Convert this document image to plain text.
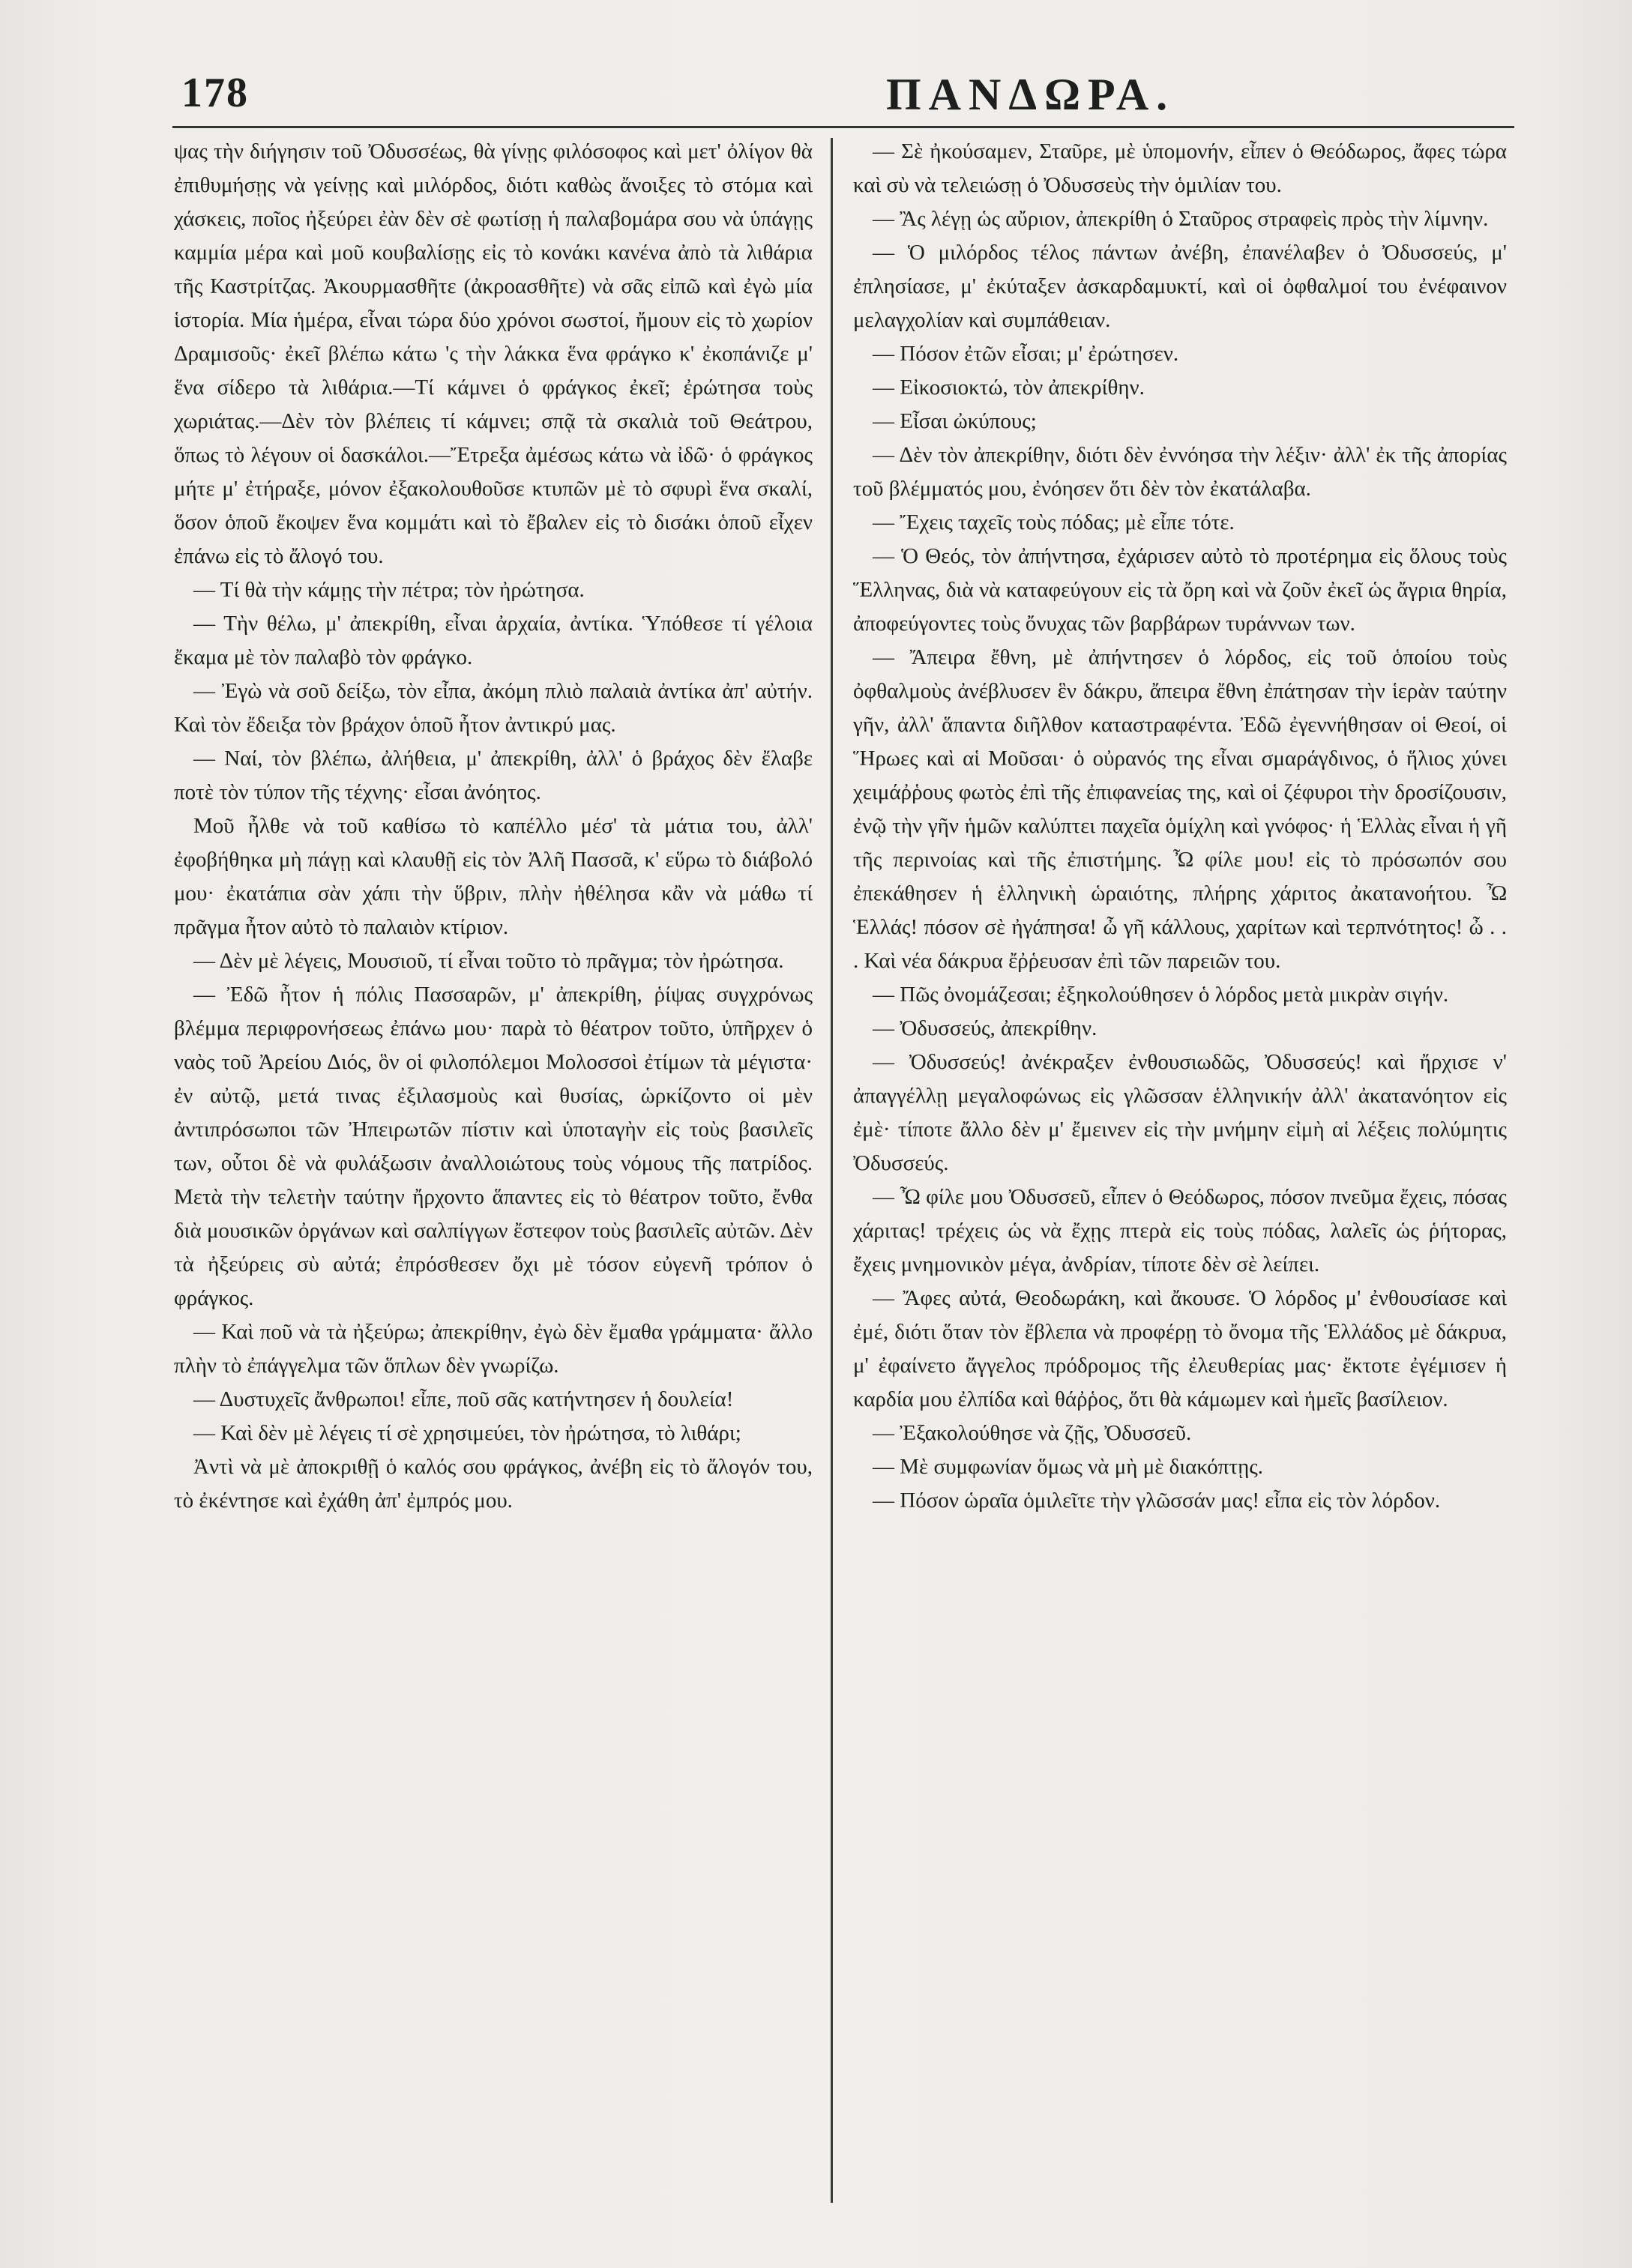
178	ΠΑΝΔΩΡΑ.

ψας τὴν διήγησιν τοῦ Ὀδυσσέως, θὰ γίνῃς φιλόσοφος καὶ μετ' ὀλίγον θὰ ἐπιθυμήσῃς νὰ γείνῃς καὶ μιλόρδος, διότι καθὼς ἄνοιξες τὸ στόμα καὶ χάσκεις, ποῖος ἠξεύρει ἐὰν δὲν σὲ φωτίσῃ ἡ παλαβομάρα σου νὰ ὑπάγῃς καμμία μέρα καὶ μοῦ κουβαλίσῃς εἰς τὸ κονάκι κανένα ἀπὸ τὰ λιθάρια τῆς Καστρίτζας. Ἀκουρμασθῆτε (ἀκροασθῆτε) νὰ σᾶς εἰπῶ καὶ ἐγὼ μία ἱστορία. Μία ἡμέρα, εἶναι τώρα δύο χρόνοι σωστοί, ἤμουν εἰς τὸ χωρίον Δραμισοῦς· ἐκεῖ βλέπω κάτω 'ς τὴν λάκκα ἕνα φράγκο κ' ἐκοπάνιζε μ' ἕνα σίδερο τὰ λιθάρια.—Τί κάμνει ὁ φράγκος ἐκεῖ; ἐρώτησα τοὺς χωριάτας.—Δὲν τὸν βλέπεις τί κάμνει; σπᾷ τὰ σκαλιὰ τοῦ Θεάτρου, ὅπως τὸ λέγουν οἱ δασκάλοι.—Ἔτρεξα ἀμέσως κάτω νὰ ἰδῶ· ὁ φράγκος μήτε μ' ἐτήραξε, μόνον ἐξακολουθοῦσε κτυπῶν μὲ τὸ σφυρὶ ἕνα σκαλί, ὅσον ὁποῦ ἔκοψεν ἕνα κομμάτι καὶ τὸ ἔβαλεν εἰς τὸ δισάκι ὁποῦ εἶχεν ἐπάνω εἰς τὸ ἄλογό του.

— Τί θὰ τὴν κάμῃς τὴν πέτρα; τὸν ἠρώτησα.

— Τὴν θέλω, μ' ἀπεκρίθη, εἶναι ἀρχαία, ἀντίκα. Ὑπόθεσε τί γέλοια ἔκαμα μὲ τὸν παλαβὸ τὸν φράγκο.

— Ἐγὼ νὰ σοῦ δείξω, τὸν εἶπα, ἀκόμη πλιὸ παλαιὰ ἀντίκα ἀπ' αὐτήν. Καὶ τὸν ἔδειξα τὸν βράχον ὁποῦ ἦτον ἀντικρύ μας.

— Ναί, τὸν βλέπω, ἀλήθεια, μ' ἀπεκρίθη, ἀλλ' ὁ βράχος δὲν ἔλαβε ποτὲ τὸν τύπον τῆς τέχνης· εἶσαι ἀνόητος.

Μοῦ ἦλθε νὰ τοῦ καθίσω τὸ καπέλλο μέσ' τὰ μάτια του, ἀλλ' ἐφοβήθηκα μὴ πάγῃ καὶ κλαυθῇ εἰς τὸν Ἀλῆ Πασσᾶ, κ' εὕρω τὸ διάβολό μου· ἐκατάπια σὰν χάπι τὴν ὕβριν, πλὴν ἠθέλησα κἂν νὰ μάθω τί πρᾶγμα ἦτον αὐτὸ τὸ παλαιὸν κτίριον.

— Δὲν μὲ λέγεις, Μουσιοῦ, τί εἶναι τοῦτο τὸ πρᾶγμα; τὸν ἠρώτησα.

— Ἐδῶ ἦτον ἡ πόλις Πασσαρῶν, μ' ἀπεκρίθη, ῥίψας συγχρόνως βλέμμα περιφρονήσεως ἐπάνω μου· παρὰ τὸ θέατρον τοῦτο, ὑπῆρχεν ὁ ναὸς τοῦ Ἀρείου Διός, ὃν οἱ φιλοπόλεμοι Μολοσσοὶ ἐτίμων τὰ μέγιστα· ἐν αὐτῷ, μετά τινας ἐξιλασμοὺς καὶ θυσίας, ὡρκίζοντο οἱ μὲν ἀντιπρόσωποι τῶν Ἠπειρωτῶν πίστιν καὶ ὑποταγὴν εἰς τοὺς βασιλεῖς των, οὗτοι δὲ νὰ φυλάξωσιν ἀναλλοιώτους τοὺς νόμους τῆς πατρίδος. Μετὰ τὴν τελετὴν ταύτην ἤρχοντο ἅπαντες εἰς τὸ θέατρον τοῦτο, ἔνθα διὰ μουσικῶν ὀργάνων καὶ σαλπίγγων ἔστεφον τοὺς βασιλεῖς αὐτῶν. Δὲν τὰ ἠξεύρεις σὺ αὐτά; ἐπρόσθεσεν ὄχι μὲ τόσον εὐγενῆ τρόπον ὁ φράγκος.

— Καὶ ποῦ νὰ τὰ ἠξεύρω; ἀπεκρίθην, ἐγὼ δὲν ἔμαθα γράμματα· ἄλλο πλὴν τὸ ἐπάγγελμα τῶν ὅπλων δὲν γνωρίζω.

— Δυστυχεῖς ἄνθρωποι! εἶπε, ποῦ σᾶς κατήντησεν ἡ δουλεία!

— Καὶ δὲν μὲ λέγεις τί σὲ χρησιμεύει, τὸν ἠρώτησα, τὸ λιθάρι;

Ἀντὶ νὰ μὲ ἀποκριθῇ ὁ καλός σου φράγκος, ἀνέβη εἰς τὸ ἄλογόν του, τὸ ἐκέντησε καὶ ἐχάθη ἀπ' ἐμπρός μου.

— Σὲ ἠκούσαμεν, Σταῦρε, μὲ ὑπομονήν, εἶπεν ὁ Θεόδωρος, ἄφες τώρα καὶ σὺ νὰ τελειώσῃ ὁ Ὀδυσσεὺς τὴν ὁμιλίαν του.

— Ἂς λέγῃ ὡς αὔριον, ἀπεκρίθη ὁ Σταῦρος στραφεὶς πρὸς τὴν λίμνην.

— Ὁ μιλόρδος τέλος πάντων ἀνέβη, ἐπανέλαβεν ὁ Ὀδυσσεύς, μ' ἐπλησίασε, μ' ἐκύταξεν ἀσκαρδαμυκτί, καὶ οἱ ὀφθαλμοί του ἐνέφαινον μελαγχολίαν καὶ συμπάθειαν.

— Πόσον ἐτῶν εἶσαι; μ' ἐρώτησεν.

— Εἰκοσιοκτώ, τὸν ἀπεκρίθην.

— Εἶσαι ὠκύπους;

— Δὲν τὸν ἀπεκρίθην, διότι δὲν ἐννόησα τὴν λέξιν· ἀλλ' ἐκ τῆς ἀπορίας τοῦ βλέμματός μου, ἐνόησεν ὅτι δὲν τὸν ἐκατάλαβα.

— Ἔχεις ταχεῖς τοὺς πόδας; μὲ εἶπε τότε.

— Ὁ Θεός, τὸν ἀπήντησα, ἐχάρισεν αὐτὸ τὸ προτέρημα εἰς ὅλους τοὺς Ἕλληνας, διὰ νὰ καταφεύγουν εἰς τὰ ὄρη καὶ νὰ ζοῦν ἐκεῖ ὡς ἄγρια θηρία, ἀποφεύγοντες τοὺς ὄνυχας τῶν βαρβάρων τυράννων των.

— Ἄπειρα ἔθνη, μὲ ἀπήντησεν ὁ λόρδος, εἰς τοῦ ὁποίου τοὺς ὀφθαλμοὺς ἀνέβλυσεν ἓν δάκρυ, ἄπειρα ἔθνη ἐπάτησαν τὴν ἱερὰν ταύτην γῆν, ἀλλ' ἅπαντα διῆλθον καταστραφέντα. Ἐδῶ ἐγεννήθησαν οἱ Θεοί, οἱ Ἥρωες καὶ αἱ Μοῦσαι· ὁ οὐρανός της εἶναι σμαράγδινος, ὁ ἥλιος χύνει χειμάῤῥους φωτὸς ἐπὶ τῆς ἐπιφανείας της, καὶ οἱ ζέφυροι τὴν δροσίζουσιν, ἐνῷ τὴν γῆν ἡμῶν καλύπτει παχεῖα ὁμίχλη καὶ γνόφος· ἡ Ἑλλὰς εἶναι ἡ γῆ τῆς περινοίας καὶ τῆς ἐπιστήμης. Ὦ φίλε μου! εἰς τὸ πρόσωπόν σου ἐπεκάθησεν ἡ ἑλληνικὴ ὡραιότης, πλήρης χάριτος ἀκατανοήτου. Ὦ Ἑλλάς! πόσον σὲ ἠγάπησα! ὦ γῆ κάλλους, χαρίτων καὶ τερπνότητος! ὦ . . . Καὶ νέα δάκρυα ἔῤῥευσαν ἐπὶ τῶν παρειῶν του.

— Πῶς ὀνομάζεσαι; ἐξηκολούθησεν ὁ λόρδος μετὰ μικρὰν σιγήν.

— Ὀδυσσεύς, ἀπεκρίθην.

— Ὀδυσσεύς! ἀνέκραξεν ἐνθουσιωδῶς, Ὀδυσσεύς! καὶ ἤρχισε ν' ἀπαγγέλλῃ μεγαλοφώνως εἰς γλῶσσαν ἑλληνικήν ἀλλ' ἀκατανόητον εἰς ἐμὲ· τίποτε ἄλλο δὲν μ' ἔμεινεν εἰς τὴν μνήμην εἰμὴ αἱ λέξεις πολύμητις Ὀδυσσεύς.

— Ὦ φίλε μου Ὀδυσσεῦ, εἶπεν ὁ Θεόδωρος, πόσον πνεῦμα ἔχεις, πόσας χάριτας! τρέχεις ὡς νὰ ἔχῃς πτερὰ εἰς τοὺς πόδας, λαλεῖς ὡς ῥήτορας, ἔχεις μνημονικὸν μέγα, ἀνδρίαν, τίποτε δὲν σὲ λείπει.

— Ἄφες αὐτά, Θεοδωράκη, καὶ ἄκουσε. Ὁ λόρδος μ' ἐνθουσίασε καὶ ἐμέ, διότι ὅταν τὸν ἔβλεπα νὰ προφέρῃ τὸ ὄνομα τῆς Ἑλλάδος μὲ δάκρυα, μ' ἐφαίνετο ἄγγελος πρόδρομος τῆς ἐλευθερίας μας· ἔκτοτε ἐγέμισεν ἡ καρδία μου ἐλπίδα καὶ θάῤῥος, ὅτι θὰ κάμωμεν καὶ ἡμεῖς βασίλειον.

— Ἐξακολούθησε νὰ ζῇς, Ὀδυσσεῦ.

— Μὲ συμφωνίαν ὅμως νὰ μὴ μὲ διακόπτῃς.

— Πόσον ὡραῖα ὁμιλεῖτε τὴν γλῶσσάν μας! εἶπα εἰς τὸν λόρδον.
